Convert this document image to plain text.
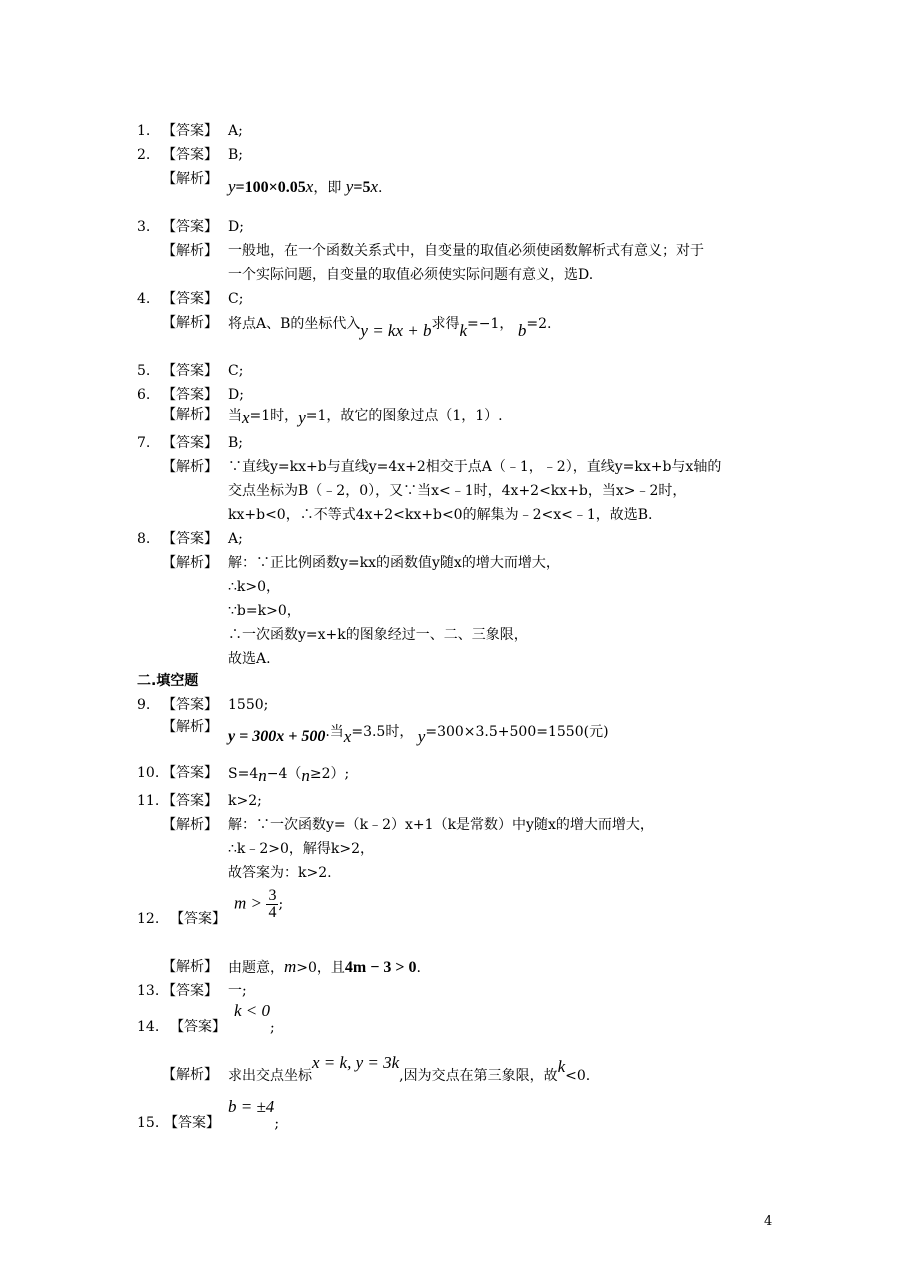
1. 【答案】 A;
2. 【答案】 B;
【解析】 y=100×0.05x，即 y=5x.
3. 【答案】 D;
【解析】 一般地，在一个函数关系式中，自变量的取值必须使函数解析式有意义；对于
一个实际问题，自变量的取值必须使实际问题有意义，选D.
4. 【答案】 C;
【解析】 将点A、B的坐标代入y = kx + b求得k=−1， b=2.
5. 【答案】 C;
6. 【答案】 D;
【解析】 当x=1时，y=1，故它的图象过点（1，1）.
7. 【答案】 B;
【解析】 ∵直线y=kx+b与直线y=4x+2相交于点A（﹣1，﹣2），直线y=kx+b与x轴的
交点坐标为B（﹣2，0），又∵当x<﹣1时，4x+2<kx+b，当x>﹣2时，
kx+b<0，∴不等式4x+2<kx+b<0的解集为﹣2<x<﹣1，故选B.
8. 【答案】 A;
【解析】 解：∵正比例函数y=kx的函数值y随x的增大而增大，
∴k>0，
∵b=k>0，
∴一次函数y=x+k的图象经过一、二、三象限，
故选A.
二.填空题
9. 【答案】 1550;
【解析】
y = 300x + 500.当x=3.5时， y=300×3.5+500=1550(元)
10. 【答案】 S=4n−4（n≥2）;
11. 【答案】 k>2;
【解析】 解：∵一次函数y=（k﹣2）x+1（k是常数）中y随x的增大而增大，
∴k﹣2>0，解得k>2，
故答案为：k>2.
12. 【答案】
$m > \frac{3}{4}$ ;
【解析】 由题意，m>0，且4m − 3 > 0.
13. 【答案】 一;
14. 【答案】
k < 0;
【解析】 求出交点坐标x = k, y = 3k,因为交点在第三象限，故k<0.
15. 【答案】
b = ±4;
4
